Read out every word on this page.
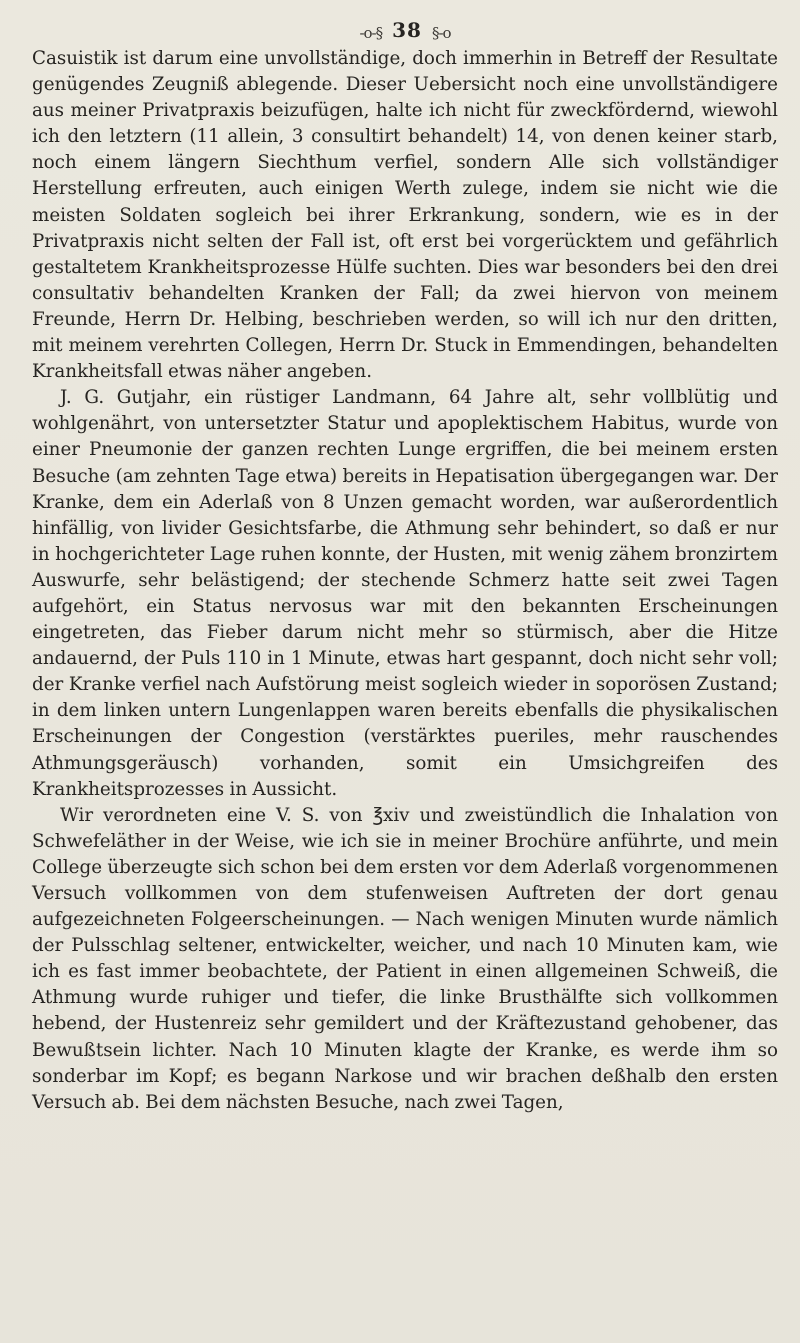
-o-§ 38 §-o

Casuistik ist darum eine unvollständige, doch immerhin in Betreff der Resultate genügendes Zeugniß ablegende. Dieser Uebersicht noch eine unvollständigere aus meiner Privatpraxis beizufügen, halte ich nicht für zweckfördernd, wiewohl ich den letztern (11 allein, 3 consultirt behandelt) 14, von denen keiner starb, noch einem längern Siechthum verfiel, sondern Alle sich vollständiger Herstellung erfreuten, auch einigen Werth zulege, indem sie nicht wie die meisten Soldaten sogleich bei ihrer Erkrankung, sondern, wie es in der Privatpraxis nicht selten der Fall ist, oft erst bei vorgerücktem und gefährlich gestaltetem Krankheitsprozesse Hülfe suchten. Dies war besonders bei den drei consultativ behandelten Kranken der Fall; da zwei hiervon von meinem Freunde, Herrn Dr. Helbing, beschrieben werden, so will ich nur den dritten, mit meinem verehrten Collegen, Herrn Dr. Stuck in Emmendingen, behandelten Krankheitsfall etwas näher angeben.

J. G. Gutjahr, ein rüstiger Landmann, 64 Jahre alt, sehr vollblütig und wohlgenährt, von untersetzter Statur und apoplektischem Habitus, wurde von einer Pneumonie der ganzen rechten Lunge ergriffen, die bei meinem ersten Besuche (am zehnten Tage etwa) bereits in Hepatisation übergegangen war. Der Kranke, dem ein Aderlaß von 8 Unzen gemacht worden, war außerordentlich hinfällig, von livider Gesichtsfarbe, die Athmung sehr behindert, so daß er nur in hochgerichteter Lage ruhen konnte, der Husten, mit wenig zähem bronzirtem Auswurfe, sehr belästigend; der stechende Schmerz hatte seit zwei Tagen aufgehört, ein Status nervosus war mit den bekannten Erscheinungen eingetreten, das Fieber darum nicht mehr so stürmisch, aber die Hitze andauernd, der Puls 110 in 1 Minute, etwas hart gespannt, doch nicht sehr voll; der Kranke verfiel nach Aufstörung meist sogleich wieder in soporösen Zustand; in dem linken untern Lungenlappen waren bereits ebenfalls die physikalischen Erscheinungen der Congestion (verstärktes pueriles, mehr rauschendes Athmungsgeräusch) vorhanden, somit ein Umsichgreifen des Krankheitsprozesses in Aussicht.

Wir verordneten eine V. S. von ℥xiv und zweistündlich die Inhalation von Schwefeläther in der Weise, wie ich sie in meiner Brochüre anführte, und mein College überzeugte sich schon bei dem ersten vor dem Aderlaß vorgenommenen Versuch vollkommen von dem stufenweisen Auftreten der dort genau aufgezeichneten Folgeerscheinungen. — Nach wenigen Minuten wurde nämlich der Pulsschlag seltener, entwickelter, weicher, und nach 10 Minuten kam, wie ich es fast immer beobachtete, der Patient in einen allgemeinen Schweiß, die Athmung wurde ruhiger und tiefer, die linke Brusthälfte sich vollkommen hebend, der Hustenreiz sehr gemildert und der Kräftezustand gehobener, das Bewußtsein lichter. Nach 10 Minuten klagte der Kranke, es werde ihm so sonderbar im Kopf; es begann Narkose und wir brachen deßhalb den ersten Versuch ab. Bei dem nächsten Besuche, nach zwei Tagen,
